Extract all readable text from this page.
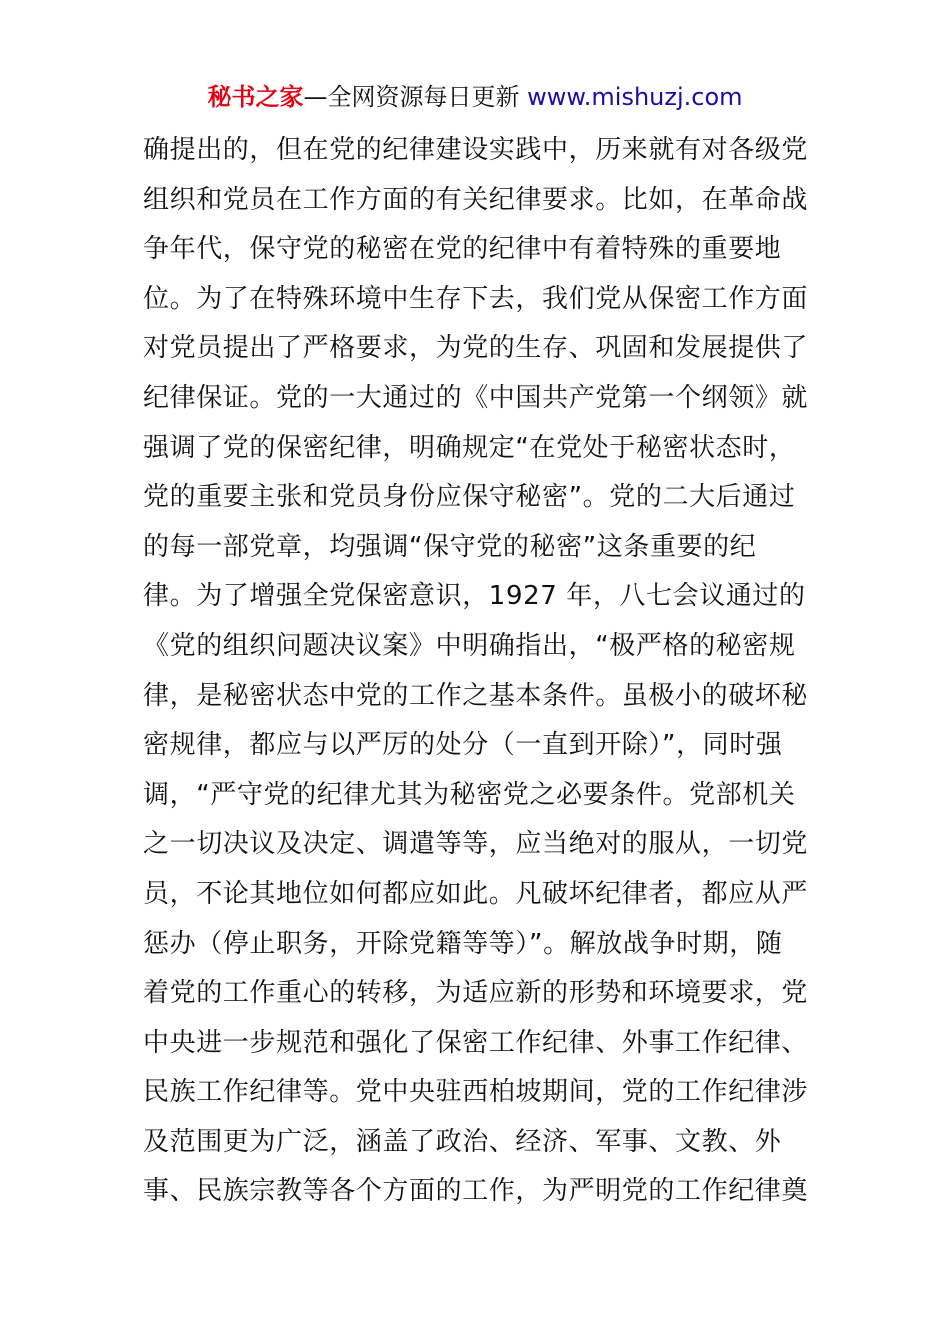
秘书之家—全网资源每日更新 www.mishuzj.com
确提出的，但在党的纪律建设实践中，历来就有对各级党
组织和党员在工作方面的有关纪律要求。比如，在革命战
争年代，保守党的秘密在党的纪律中有着特殊的重要地
位。为了在特殊环境中生存下去，我们党从保密工作方面
对党员提出了严格要求，为党的生存、巩固和发展提供了
纪律保证。党的一大通过的《中国共产党第一个纲领》就
强调了党的保密纪律，明确规定“在党处于秘密状态时，
党的重要主张和党员身份应保守秘密”。党的二大后通过
的每一部党章，均强调“保守党的秘密”这条重要的纪
律。为了增强全党保密意识，1927 年，八七会议通过的
《党的组织问题决议案》中明确指出，“极严格的秘密规
律，是秘密状态中党的工作之基本条件。虽极小的破坏秘
密规律，都应与以严厉的处分（一直到开除）”，同时强
调，“严守党的纪律尤其为秘密党之必要条件。党部机关
之一切决议及决定、调遣等等，应当绝对的服从，一切党
员，不论其地位如何都应如此。凡破坏纪律者，都应从严
惩办（停止职务，开除党籍等等）”。解放战争时期，随
着党的工作重心的转移，为适应新的形势和环境要求，党
中央进一步规范和强化了保密工作纪律、外事工作纪律、
民族工作纪律等。党中央驻西柏坡期间，党的工作纪律涉
及范围更为广泛，涵盖了政治、经济、军事、文教、外
事、民族宗教等各个方面的工作，为严明党的工作纪律奠
